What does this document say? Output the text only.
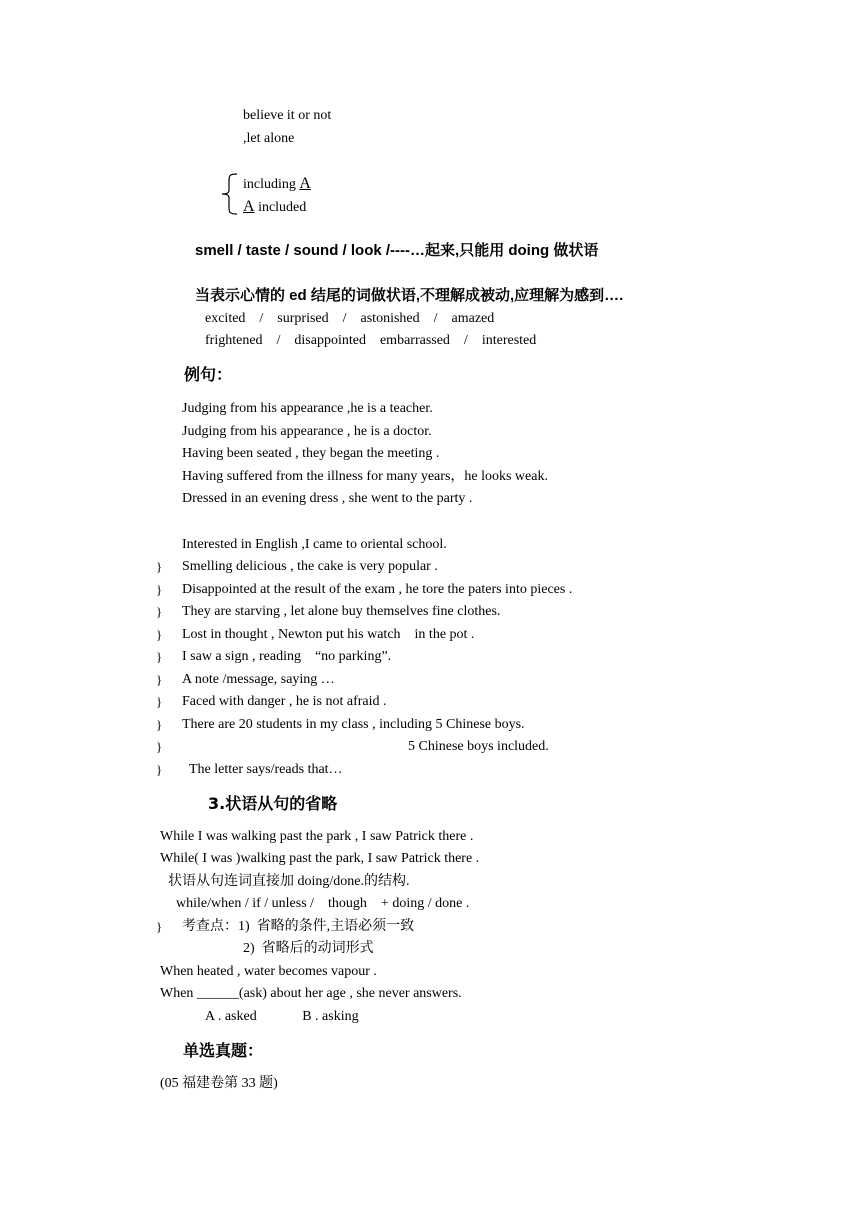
believe it or not
,let alone
including A
A included
smell / taste / sound / look /----…起来,只能用 doing 做状语
当表示心情的 ed 结尾的词做状语,不理解成被动,应理解为感到….
excited    /    surprised    /    astonished    /    amazed
frightened    /    disappointed    embarrassed    /    interested
例句：
Judging from his appearance ,he is a teacher.
Judging from his appearance , he is a doctor.
Having been seated , they began the meeting .
Having suffered from the illness for many years，he looks weak.
Dressed in an evening dress , she went to the party .
Interested in English ,I came to oriental school.
} Smelling delicious , the cake is very popular .
} Disappointed at the result of the exam , he tore the paters into pieces .
} They are starving , let alone buy themselves fine clothes.
} Lost in thought , Newton put his watch    in the pot .
} I saw a sign , reading    “no parking”.
} A note /message, saying …
} Faced with danger , he is not afraid .
} There are 20 students in my class , including 5 Chinese boys.
}	5 Chinese boys included.
} The letter says/reads that…
3.状语从句的省略
While I was walking past the park , I saw Patrick there .
While( I was )walking past the park, I saw Patrick there .
状语从句连词直接加 doing/done.的结构.
while/when / if / unless /    though    + doing / done .
} 考查点：1)  省略的条件,主语必须一致
2)  省略后的动词形式
When heated , water becomes vapour .
When ______(ask) about her age , she never answers.
A . asked             B . asking
单选真题：
(05 福建卷第 33 题)
